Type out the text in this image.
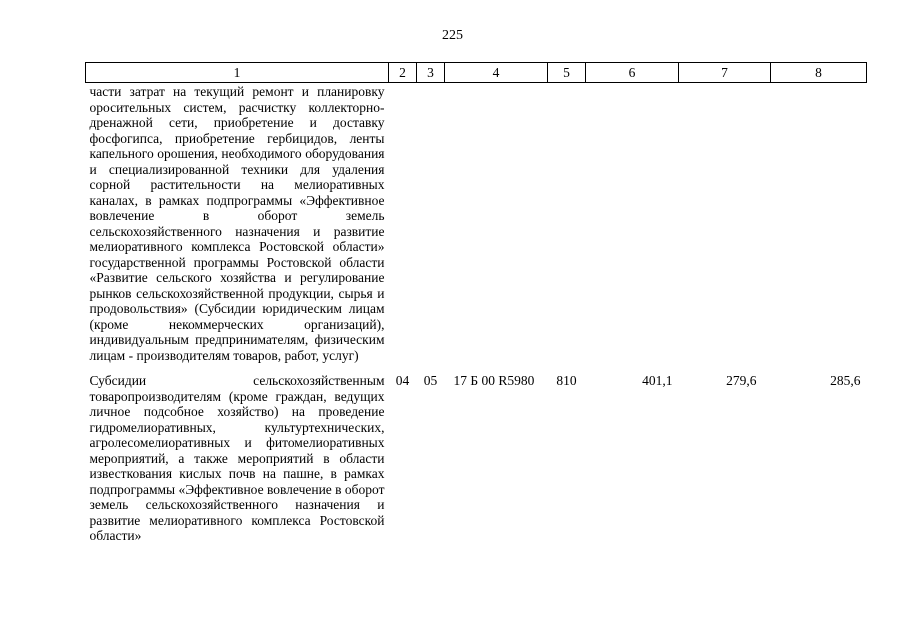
225
1	2	3	4	5	6	7	8
части затрат на текущий ремонт и планировку оросительных систем, расчистку коллекторно-дренажной сети, приобретение и доставку фосфогипса, приобретение гербицидов, ленты капельного орошения, необходимого оборудования и специализированной техники для удаления сорной растительности на мелиоративных каналах, в рамках подпрограммы «Эффективное вовлечение в оборот земель сельскохозяйственного назначения и развитие мелиоративного комплекса Ростовской области» государственной программы Ростовской области «Развитие сельского хозяйства и регулирование рынков сельскохозяйственной продукции, сырья и продовольствия» (Субсидии юридическим лицам (кроме некоммерческих организаций), индивидуальным предпринимателям, физическим лицам - производителям товаров, работ, услуг)							
Субсидии сельскохозяйственным товаропроизводителям (кроме граждан, ведущих личное подсобное хозяйство) на проведение гидромелиоративных, культуртехнических, агролесомелиоративных и фитомелиоративных мероприятий, а также мероприятий в области известкования кислых почв на пашне, в рамках подпрограммы «Эффективное вовлечение в оборот земель сельскохозяйственного назначения и развитие мелиоративного комплекса Ростовской области»	04	05	17 Б 00 R5980	810	401,1	279,6	285,6
